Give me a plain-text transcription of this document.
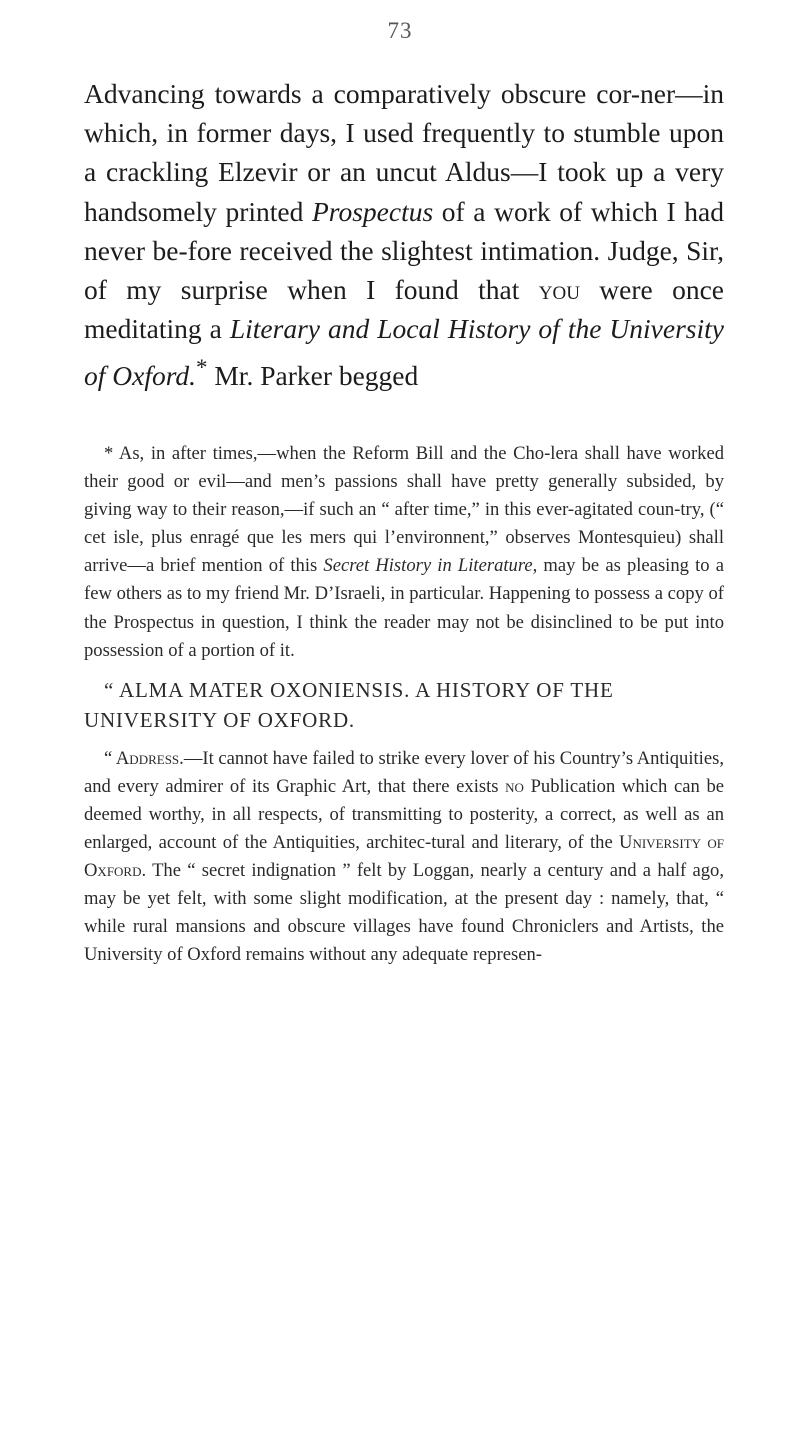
73

Advancing towards a comparatively obscure cor-ner—in which, in former days, I used frequently to stumble upon a crackling Elzevir or an uncut Aldus—I took up a very handsomely printed Prospectus of a work of which I had never be-fore received the slightest intimation. Judge, Sir, of my surprise when I found that you were once meditating a Literary and Local History of the University of Oxford.* Mr. Parker begged

* As, in after times,—when the Reform Bill and the Cho-lera shall have worked their good or evil—and men’s passions shall have pretty generally subsided, by giving way to their reason,—if such an “ after time,” in this ever-agitated coun-try, (“ cet isle, plus enragé que les mers qui l’environnent,” observes Montesquieu) shall arrive—a brief mention of this Secret History in Literature, may be as pleasing to a few others as to my friend Mr. D’Israeli, in particular. Happening to possess a copy of the Prospectus in question, I think the reader may not be disinclined to be put into possession of a portion of it.

“ ALMA MATER OXONIENSIS. A HISTORY OF THE UNIVERSITY OF OXFORD.

“ Address.—It cannot have failed to strike every lover of his Country’s Antiquities, and every admirer of its Graphic Art, that there exists no Publication which can be deemed worthy, in all respects, of transmitting to posterity, a correct, as well as an enlarged, account of the Antiquities, architec-tural and literary, of the University of Oxford. The “ secret indignation ” felt by Loggan, nearly a century and a half ago, may be yet felt, with some slight modification, at the present day : namely, that, “ while rural mansions and obscure villages have found Chroniclers and Artists, the University of Oxford remains without any adequate represen-
